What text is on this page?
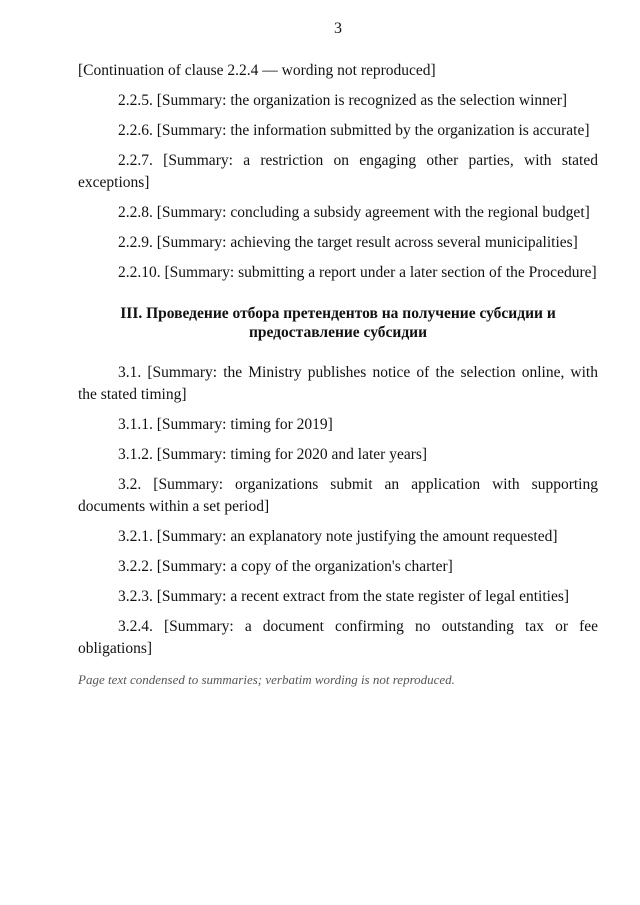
3

[Continuation of clause 2.2.4 — wording not reproduced]

2.2.5. [Summary: the organization is recognized as the selection winner]

2.2.6. [Summary: the information submitted by the organization is accurate]

2.2.7. [Summary: a restriction on engaging other parties, with stated exceptions]

2.2.8. [Summary: concluding a subsidy agreement with the regional budget]

2.2.9. [Summary: achieving the target result across several municipalities]

2.2.10. [Summary: submitting a report under a later section of the Procedure]

III. Проведение отбора претендентов на получение субсидии и предоставление субсидии

3.1. [Summary: the Ministry publishes notice of the selection online, with the stated timing]

3.1.1. [Summary: timing for 2019]

3.1.2. [Summary: timing for 2020 and later years]

3.2. [Summary: organizations submit an application with supporting documents within a set period]

3.2.1. [Summary: an explanatory note justifying the amount requested]

3.2.2. [Summary: a copy of the organization's charter]

3.2.3. [Summary: a recent extract from the state register of legal entities]

3.2.4. [Summary: a document confirming no outstanding tax or fee obligations]

Page text condensed to summaries; verbatim wording is not reproduced.
